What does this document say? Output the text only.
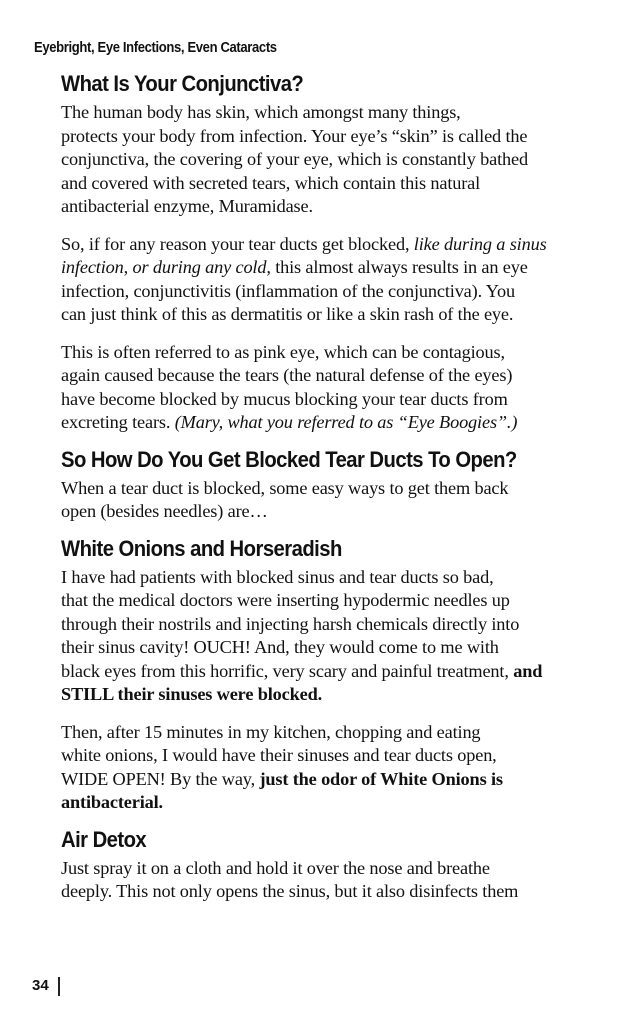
Eyebright, Eye Infections, Even Cataracts
What Is Your Conjunctiva?

The human body has skin, which amongst many things,
protects your body from infection. Your eye’s “skin” is called the
conjunctiva, the covering of your eye, which is constantly bathed
and covered with secreted tears, which contain this natural
antibacterial enzyme, Muramidase.

So, if for any reason your tear ducts get blocked, like during a sinus
infection, or during any cold, this almost always results in an eye
infection, conjunctivitis (inflammation of the conjunctiva). You
can just think of this as dermatitis or like a skin rash of the eye.

This is often referred to as pink eye, which can be contagious,
again caused because the tears (the natural defense of the eyes)
have become blocked by mucus blocking your tear ducts from
excreting tears. (Mary, what you referred to as “Eye Boogies”.)

So How Do You Get Blocked Tear Ducts To Open?

When a tear duct is blocked, some easy ways to get them back
open (besides needles) are…

White Onions and Horseradish

I have had patients with blocked sinus and tear ducts so bad,
that the medical doctors were inserting hypodermic needles up
through their nostrils and injecting harsh chemicals directly into
their sinus cavity! OUCH! And, they would come to me with
black eyes from this horrific, very scary and painful treatment, and
STILL their sinuses were blocked.

Then, after 15 minutes in my kitchen, chopping and eating
white onions, I would have their sinuses and tear ducts open,
WIDE OPEN! By the way, just the odor of White Onions is
antibacterial.

Air Detox

Just spray it on a cloth and hold it over the nose and breathe
deeply. This not only opens the sinus, but it also disinfects them

34
